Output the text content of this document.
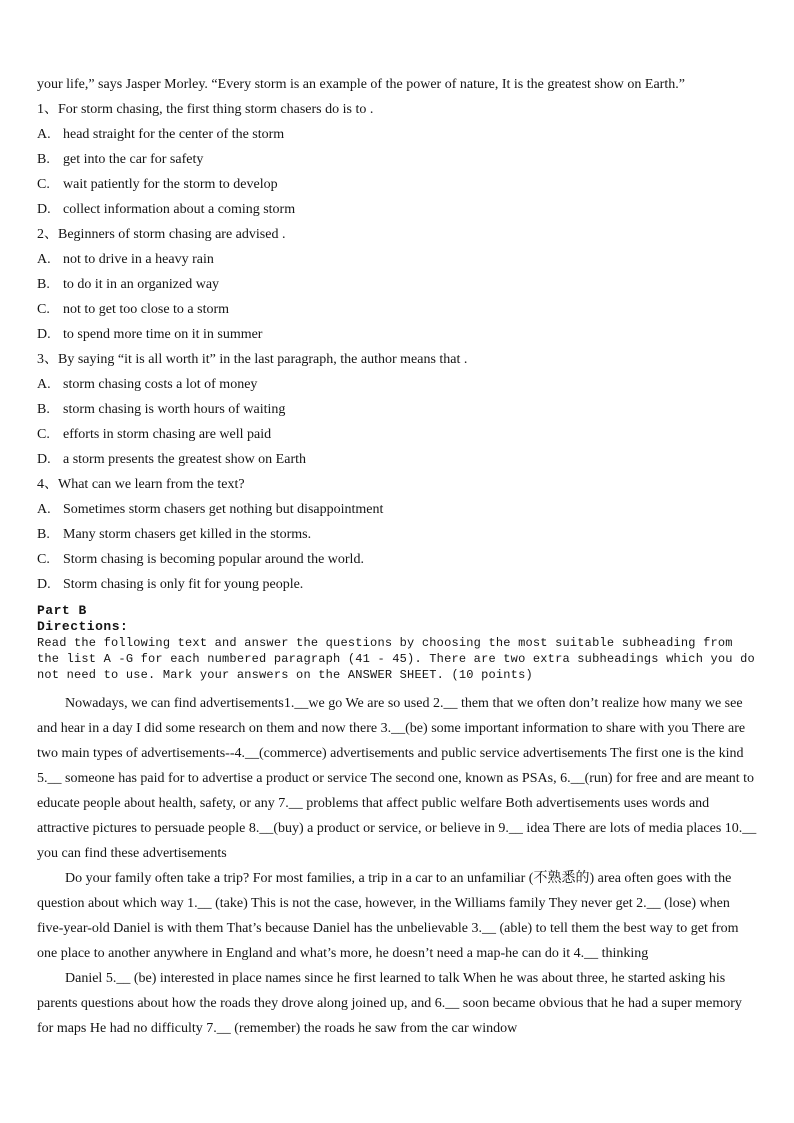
your life,” says Jasper Morley. “Every storm is an example of the power of nature, It is the greatest show on Earth.”

1、For storm chasing, the first thing storm chasers do is to .
A. head straight for the center of the storm
B. get into the car for safety
C. wait patiently for the storm to develop
D. collect information about a coming storm
2、Beginners of storm chasing are advised .
A. not to drive in a heavy rain
B. to do it in an organized way
C. not to get too close to a storm
D. to spend more time on it in summer
3、By saying “it is all worth it” in the last paragraph, the author means that .
A. storm chasing costs a lot of money
B. storm chasing is worth hours of waiting
C. efforts in storm chasing are well paid
D. a storm presents the greatest show on Earth
4、What can we learn from the text?
A. Sometimes storm chasers get nothing but disappointment
B. Many storm chasers get killed in the storms.
C. Storm chasing is becoming popular around the world.
D. Storm chasing is only fit for young people.
Part B
Directions:

Read the following text and answer the questions by choosing the most suitable subheading from the list A -G for each numbered paragraph (41 - 45). There are two extra subheadings which you do not need to use. Mark your answers on the ANSWER SHEET. (10 points)

Nowadays, we can find advertisements1.__we go We are so used 2.__ them that we often don’t realize how many we see and hear in a day I did some research on them and now there 3.__(be) some important information to share with you There are two main types of advertisements--4.__(commerce) advertisements and public service advertisements The first one is the kind 5.__ someone has paid for to advertise a product or service The second one, known as PSAs, 6.__(run) for free and are meant to educate people about health, safety, or any 7.__ problems that affect public welfare Both advertisements uses words and attractive pictures to persuade people 8.__(buy) a product or service, or believe in 9.__ idea There are lots of media places 10.__ you can find these advertisements

Do your family often take a trip? For most families, a trip in a car to an unfamiliar (不熟悉的) area often goes with the question about which way 1.__ (take) This is not the case, however, in the Williams family They never get 2.__ (lose) when five-year-old Daniel is with them That’s because Daniel has the unbelievable 3.__ (able) to tell them the best way to get from one place to another anywhere in England and what’s more, he doesn’t need a map-he can do it 4.__ thinking

Daniel 5.__ (be) interested in place names since he first learned to talk When he was about three, he started asking his parents questions about how the roads they drove along joined up, and 6.__ soon became obvious that he had a super memory for maps He had no difficulty 7.__ (remember) the roads he saw from the car window
